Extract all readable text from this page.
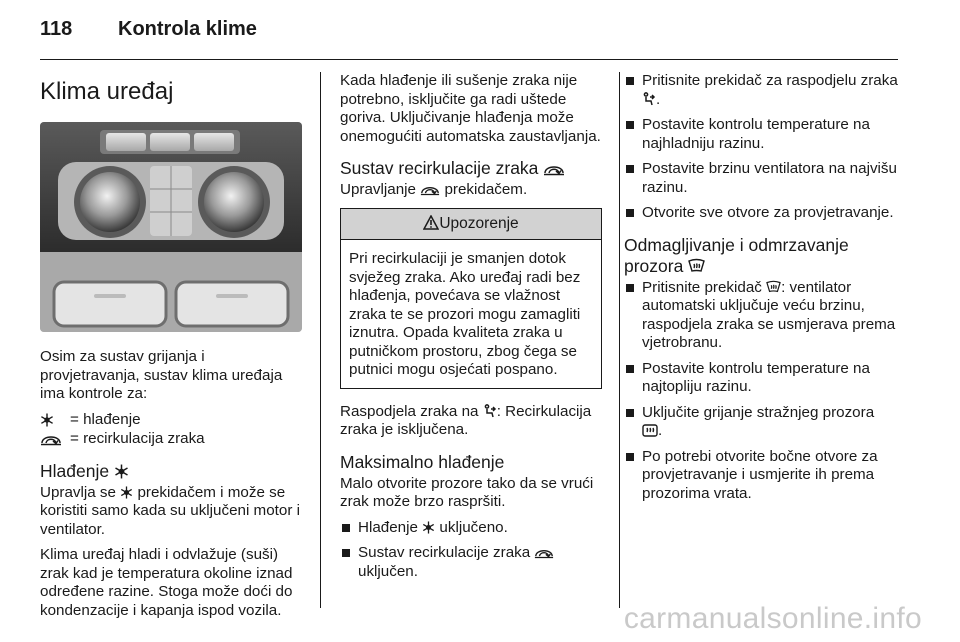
118 Kontrola klime
Klima uređaj

Osim za sustav grijanja i provjetravanja, sustav klima uređaja ima kontrole za:

= hlađenje
= recirkulacija zraka
Hlađenje

Upravlja se prekidačem i može se koristiti samo kada su uključeni motor i ventilator.

Klima uređaj hladi i odvlažuje (suši) zrak kad je temperatura okoline iznad određene razine. Stoga može doći do kondenzacije i kapanja ispod vozila.

Kada hlađenje ili sušenje zraka nije potrebno, isključite ga radi uštede goriva. Uključivanje hlađenja može onemogućiti automatska zaustavljanja.

Sustav recirkulacije zraka

Upravljanje prekidačem.

Upozorenje
Pri recirkulaciji je smanjen dotok svježeg zraka. Ako uređaj radi bez hlađenja, povećava se vlažnost zraka te se prozori mogu zamagliti iznutra. Opada kvaliteta zraka u putničkom prostoru, zbog čega se putnici mogu osjećati pospano.

Raspodjela zraka na : Recirkulacija zraka je isključena.

Maksimalno hlađenje

Malo otvorite prozore tako da se vrući zrak može brzo raspršiti.

Hlađenje uključeno.
Sustav recirkulacije zraka
uključen.
Pritisnite prekidač za raspodjelu zraka .
Postavite kontrolu temperature na najhladniju razinu.
Postavite brzinu ventilatora na najvišu razinu.
Otvorite sve otvore za provjetravanje.
Odmagljivanje i odmrzavanje prozora
Pritisnite prekidač : ventilator automatski uključuje veću brzinu, raspodjela zraka se usmjerava prema vjetrobranu.
Postavite kontrolu temperature na najtopliju razinu.
Uključite grijanje stražnjeg prozora
.
Po potrebi otvorite bočne otvore za provjetravanje i usmjerite ih prema prozorima vrata.
carmanualsonline.info
